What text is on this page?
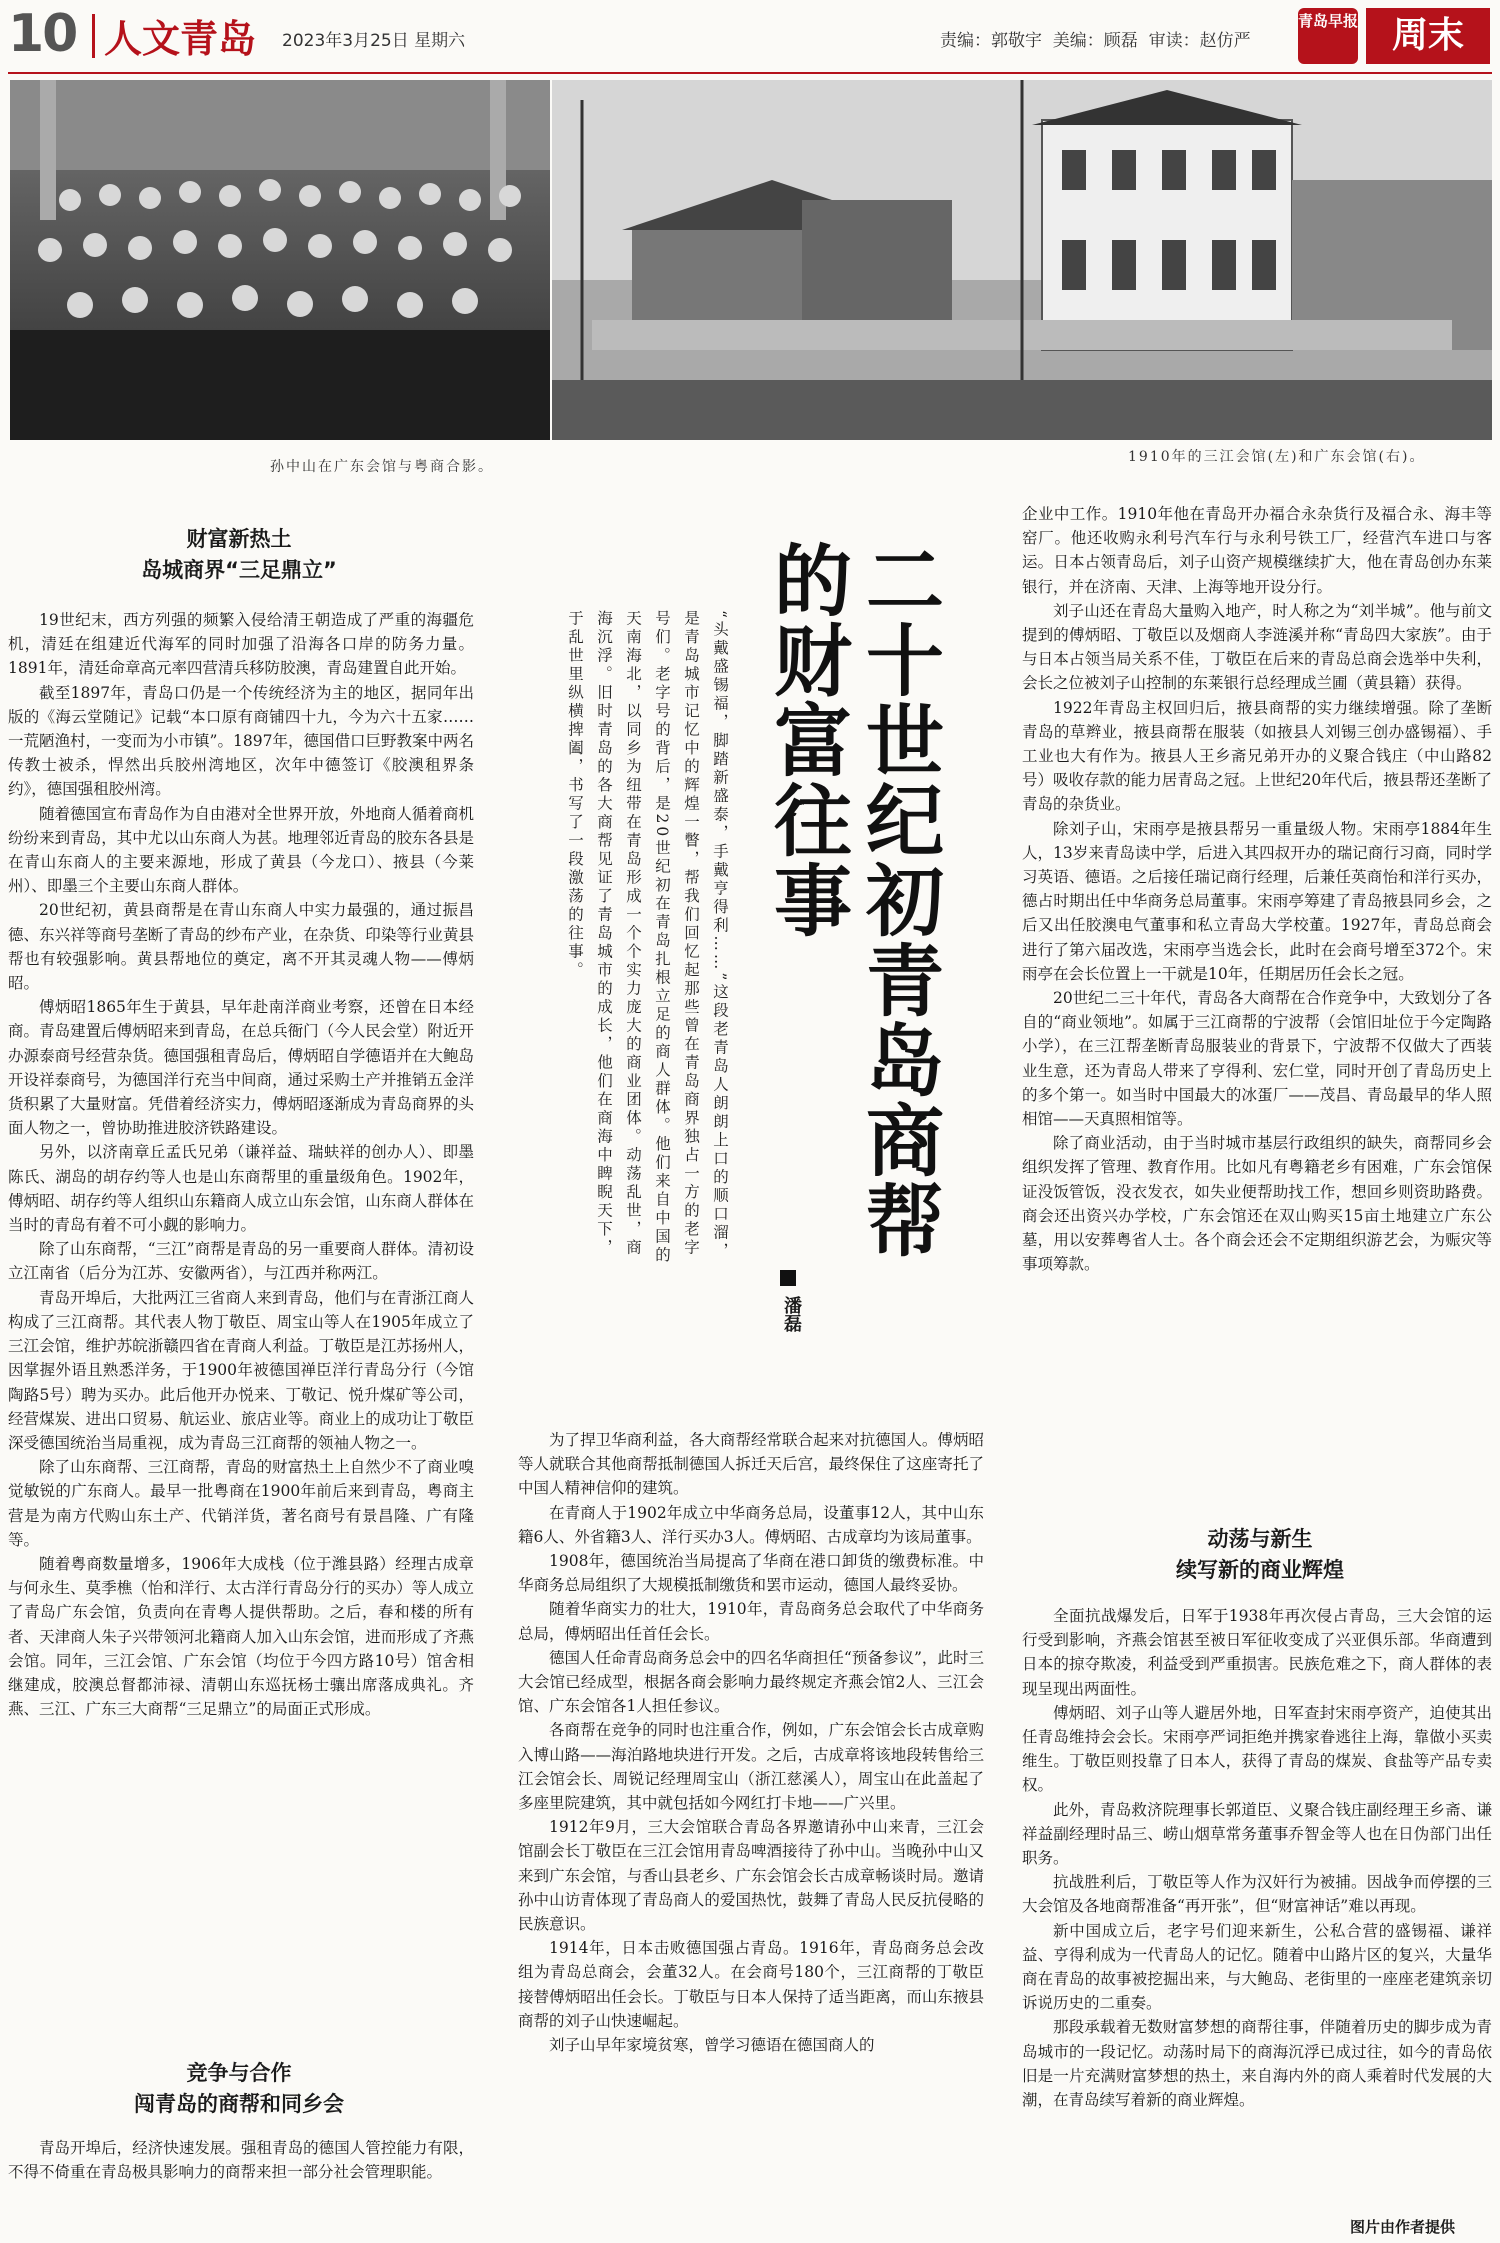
10 人文青岛 2023年3月25日 星期六	责编：郭敬宇  美编：顾磊  审读：赵仿严
青岛早报 周末
孙中山在广东会馆与粤商合影。
1910年的三江会馆(左)和广东会馆(右)。
财富新热土
岛城商界“三足鼎立”

19世纪末，西方列强的频繁入侵给清王朝造成了严重的海疆危机，清廷在组建近代海军的同时加强了沿海各口岸的防务力量。1891年，清廷命章高元率四营清兵移防胶澳，青岛建置自此开始。

截至1897年，青岛口仍是一个传统经济为主的地区，据同年出版的《海云堂随记》记载“本口原有商铺四十九，今为六十五家……一荒陋渔村，一变而为小市镇”。1897年，德国借口巨野教案中两名传教士被杀，悍然出兵胶州湾地区，次年中德签订《胶澳租界条约》，德国强租胶州湾。

随着德国宣布青岛作为自由港对全世界开放，外地商人循着商机纷纷来到青岛，其中尤以山东商人为甚。地理邻近青岛的胶东各县是在青山东商人的主要来源地，形成了黄县（今龙口）、掖县（今莱州）、即墨三个主要山东商人群体。

20世纪初，黄县商帮是在青山东商人中实力最强的，通过振昌德、东兴祥等商号垄断了青岛的纱布产业，在杂货、印染等行业黄县帮也有较强影响。黄县帮地位的奠定，离不开其灵魂人物——傅炳昭。

傅炳昭1865年生于黄县，早年赴南洋商业考察，还曾在日本经商。青岛建置后傅炳昭来到青岛，在总兵衙门（今人民会堂）附近开办源泰商号经营杂货。德国强租青岛后，傅炳昭自学德语并在大鲍岛开设祥泰商号，为德国洋行充当中间商，通过采购土产并推销五金洋货积累了大量财富。凭借着经济实力，傅炳昭逐渐成为青岛商界的头面人物之一，曾协助推进胶济铁路建设。

另外，以济南章丘孟氏兄弟（谦祥益、瑞蚨祥的创办人）、即墨陈氏、湖岛的胡存约等人也是山东商帮里的重量级角色。1902年，傅炳昭、胡存约等人组织山东籍商人成立山东会馆，山东商人群体在当时的青岛有着不可小觑的影响力。

除了山东商帮，“三江”商帮是青岛的另一重要商人群体。清初设立江南省（后分为江苏、安徽两省），与江西并称两江。

青岛开埠后，大批两江三省商人来到青岛，他们与在青浙江商人构成了三江商帮。其代表人物丁敬臣、周宝山等人在1905年成立了三江会馆，维护苏皖浙赣四省在青商人利益。丁敬臣是江苏扬州人，因掌握外语且熟悉洋务，于1900年被德国禅臣洋行青岛分行（今馆陶路5号）聘为买办。此后他开办悦来、丁敬记、悦升煤矿等公司，经营煤炭、进出口贸易、航运业、旅店业等。商业上的成功让丁敬臣深受德国统治当局重视，成为青岛三江商帮的领袖人物之一。

除了山东商帮、三江商帮，青岛的财富热土上自然少不了商业嗅觉敏锐的广东商人。最早一批粤商在1900年前后来到青岛，粤商主营是为南方代购山东土产、代销洋货，著名商号有景昌隆、广有隆等。

随着粤商数量增多，1906年大成栈（位于潍县路）经理古成章与何永生、莫季樵（怡和洋行、太古洋行青岛分行的买办）等人成立了青岛广东会馆，负责向在青粤人提供帮助。之后，春和楼的所有者、天津商人朱子兴带领河北籍商人加入山东会馆，进而形成了齐燕会馆。同年，三江会馆、广东会馆（均位于今四方路10号）馆舍相继建成，胶澳总督都沛禄、清朝山东巡抚杨士骧出席落成典礼。齐燕、三江、广东三大商帮“三足鼎立”的局面正式形成。

竞争与合作
闯青岛的商帮和同乡会

青岛开埠后，经济快速发展。强租青岛的德国人管控能力有限，不得不倚重在青岛极具影响力的商帮来担一部分社会管理职能。

“头戴盛锡福，脚踏新盛泰，手戴亨得利……”这段老青岛人朗朗上口的顺口溜，是青岛城市记忆中的辉煌一瞥，帮我们回忆起那些曾在青岛商界独占一方的老字号们。老字号的背后，是20世纪初在青岛扎根立足的商人群体。他们来自中国的天南海北，以同乡为纽带在青岛形成一个个实力庞大的商业团体。动荡乱世，商海沉浮。旧时青岛的各大商帮见证了青岛城市的成长，他们在商海中睥睨天下，于乱世里纵横捭阖，书写了一段激荡的往事。	二十世纪初青岛商帮的财富往事
潘磊

为了捍卫华商利益，各大商帮经常联合起来对抗德国人。傅炳昭等人就联合其他商帮抵制德国人拆迁天后宫，最终保住了这座寄托了中国人精神信仰的建筑。

在青商人于1902年成立中华商务总局，设董事12人，其中山东籍6人、外省籍3人、洋行买办3人。傅炳昭、古成章均为该局董事。

1908年，德国统治当局提高了华商在港口卸货的缴费标准。中华商务总局组织了大规模抵制缴货和罢市运动，德国人最终妥协。

随着华商实力的壮大，1910年，青岛商务总会取代了中华商务总局，傅炳昭出任首任会长。

德国人任命青岛商务总会中的四名华商担任“预备参议”，此时三大会馆已经成型，根据各商会影响力最终规定齐燕会馆2人、三江会馆、广东会馆各1人担任参议。

各商帮在竞争的同时也注重合作，例如，广东会馆会长古成章购入博山路——海泊路地块进行开发。之后，古成章将该地段转售给三江会馆会长、周锐记经理周宝山（浙江慈溪人），周宝山在此盖起了多座里院建筑，其中就包括如今网红打卡地——广兴里。

1912年9月，三大会馆联合青岛各界邀请孙中山来青，三江会馆副会长丁敬臣在三江会馆用青岛啤酒接待了孙中山。当晚孙中山又来到广东会馆，与香山县老乡、广东会馆会长古成章畅谈时局。邀请孙中山访青体现了青岛商人的爱国热忱，鼓舞了青岛人民反抗侵略的民族意识。

1914年，日本击败德国强占青岛。1916年，青岛商务总会改组为青岛总商会，会董32人。在会商号180个，三江商帮的丁敬臣接替傅炳昭出任会长。丁敬臣与日本人保持了适当距离，而山东掖县商帮的刘子山快速崛起。

刘子山早年家境贫寒，曾学习德语在德国商人的

企业中工作。1910年他在青岛开办福合永杂货行及福合永、海丰等窑厂。他还收购永利号汽车行与永利号铁工厂，经营汽车进口与客运。日本占领青岛后，刘子山资产规模继续扩大，他在青岛创办东莱银行，并在济南、天津、上海等地开设分行。

刘子山还在青岛大量购入地产，时人称之为“刘半城”。他与前文提到的傅炳昭、丁敬臣以及烟商人李涟溪并称“青岛四大家族”。由于与日本占领当局关系不佳，丁敬臣在后来的青岛总商会选举中失利，会长之位被刘子山控制的东莱银行总经理成兰圃（黄县籍）获得。

1922年青岛主权回归后，掖县商帮的实力继续增强。除了垄断青岛的草辫业，掖县商帮在服装（如掖县人刘锡三创办盛锡福）、手工业也大有作为。掖县人王乡斋兄弟开办的义聚合钱庄（中山路82号）吸收存款的能力居青岛之冠。上世纪20年代后，掖县帮还垄断了青岛的杂货业。

除刘子山，宋雨亭是掖县帮另一重量级人物。宋雨亭1884年生人，13岁来青岛读中学，后进入其四叔开办的瑞记商行习商，同时学习英语、德语。之后接任瑞记商行经理，后兼任英商怡和洋行买办，德占时期出任中华商务总局董事。宋雨亭筹建了青岛掖县同乡会，之后又出任胶澳电气董事和私立青岛大学校董。1927年，青岛总商会进行了第六届改选，宋雨亭当选会长，此时在会商号增至372个。宋雨亭在会长位置上一干就是10年，任期居历任会长之冠。

20世纪二三十年代，青岛各大商帮在合作竞争中，大致划分了各自的“商业领地”。如属于三江商帮的宁波帮（会馆旧址位于今定陶路小学），在三江帮垄断青岛服装业的背景下，宁波帮不仅做大了西装业生意，还为青岛人带来了亨得利、宏仁堂，同时开创了青岛历史上的多个第一。如当时中国最大的冰蛋厂——茂昌、青岛最早的华人照相馆——天真照相馆等。

除了商业活动，由于当时城市基层行政组织的缺失，商帮同乡会组织发挥了管理、教育作用。比如凡有粤籍老乡有困难，广东会馆保证没饭管饭，没衣发衣，如失业便帮助找工作，想回乡则资助路费。商会还出资兴办学校，广东会馆还在双山购买15亩土地建立广东公墓，用以安葬粤省人士。各个商会还会不定期组织游艺会，为赈灾等事项筹款。

动荡与新生
续写新的商业辉煌

全面抗战爆发后，日军于1938年再次侵占青岛，三大会馆的运行受到影响，齐燕会馆甚至被日军征收变成了兴亚俱乐部。华商遭到日本的掠夺欺凌，利益受到严重损害。民族危难之下，商人群体的表现呈现出两面性。

傅炳昭、刘子山等人避居外地，日军查封宋雨亭资产，迫使其出任青岛维持会会长。宋雨亭严词拒绝并携家眷逃往上海，靠做小买卖维生。丁敬臣则投靠了日本人，获得了青岛的煤炭、食盐等产品专卖权。

此外，青岛救济院理事长郭道臣、义聚合钱庄副经理王乡斋、谦祥益副经理时品三、崂山烟草常务董事乔智金等人也在日伪部门出任职务。

抗战胜利后，丁敬臣等人作为汉奸行为被捕。因战争而停摆的三大会馆及各地商帮准备“再开张”，但“财富神话”难以再现。

新中国成立后，老字号们迎来新生，公私合营的盛锡福、谦祥益、亨得利成为一代青岛人的记忆。随着中山路片区的复兴，大量华商在青岛的故事被挖掘出来，与大鲍岛、老街里的一座座老建筑亲切诉说历史的二重奏。

那段承载着无数财富梦想的商帮往事，伴随着历史的脚步成为青岛城市的一段记忆。动荡时局下的商海沉浮已成过往，如今的青岛依旧是一片充满财富梦想的热土，来自海内外的商人乘着时代发展的大潮，在青岛续写着新的商业辉煌。

图片由作者提供
